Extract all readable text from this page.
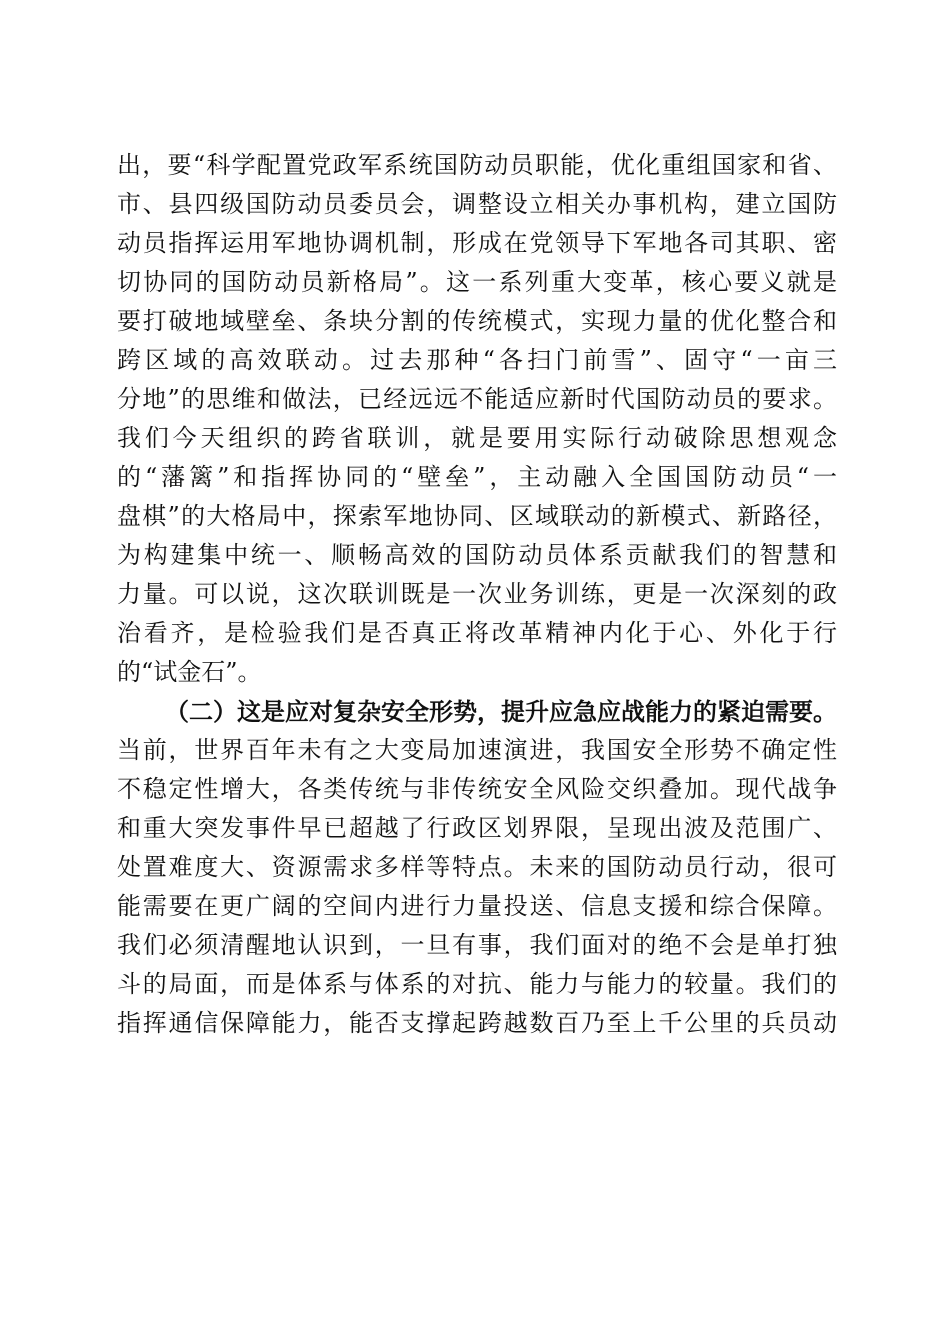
出，要“科学配置党政军系统国防动员职能，优化重组国家和省、
市、县四级国防动员委员会，调整设立相关办事机构，建立国防
动员指挥运用军地协调机制，形成在党领导下军地各司其职、密
切协同的国防动员新格局”。这一系列重大变革，核心要义就是
要打破地域壁垒、条块分割的传统模式，实现力量的优化整合和
跨区域的高效联动。过去那种“各扫门前雪”、固守“一亩三
分地”的思维和做法，已经远远不能适应新时代国防动员的要求。
我们今天组织的跨省联训，就是要用实际行动破除思想观念
的“藩篱”和指挥协同的“壁垒”，主动融入全国国防动员“一
盘棋”的大格局中，探索军地协同、区域联动的新模式、新路径，
为构建集中统一、顺畅高效的国防动员体系贡献我们的智慧和
力量。可以说，这次联训既是一次业务训练，更是一次深刻的政
治看齐，是检验我们是否真正将改革精神内化于心、外化于行
的“试金石”。
（二）这是应对复杂安全形势，提升应急应战能力的紧迫需要。
当前，世界百年未有之大变局加速演进，我国安全形势不确定性
不稳定性增大，各类传统与非传统安全风险交织叠加。现代战争
和重大突发事件早已超越了行政区划界限，呈现出波及范围广、
处置难度大、资源需求多样等特点。未来的国防动员行动，很可
能需要在更广阔的空间内进行力量投送、信息支援和综合保障。
我们必须清醒地认识到，一旦有事，我们面对的绝不会是单打独
斗的局面，而是体系与体系的对抗、能力与能力的较量。我们的
指挥通信保障能力，能否支撑起跨越数百乃至上千公里的兵员动
